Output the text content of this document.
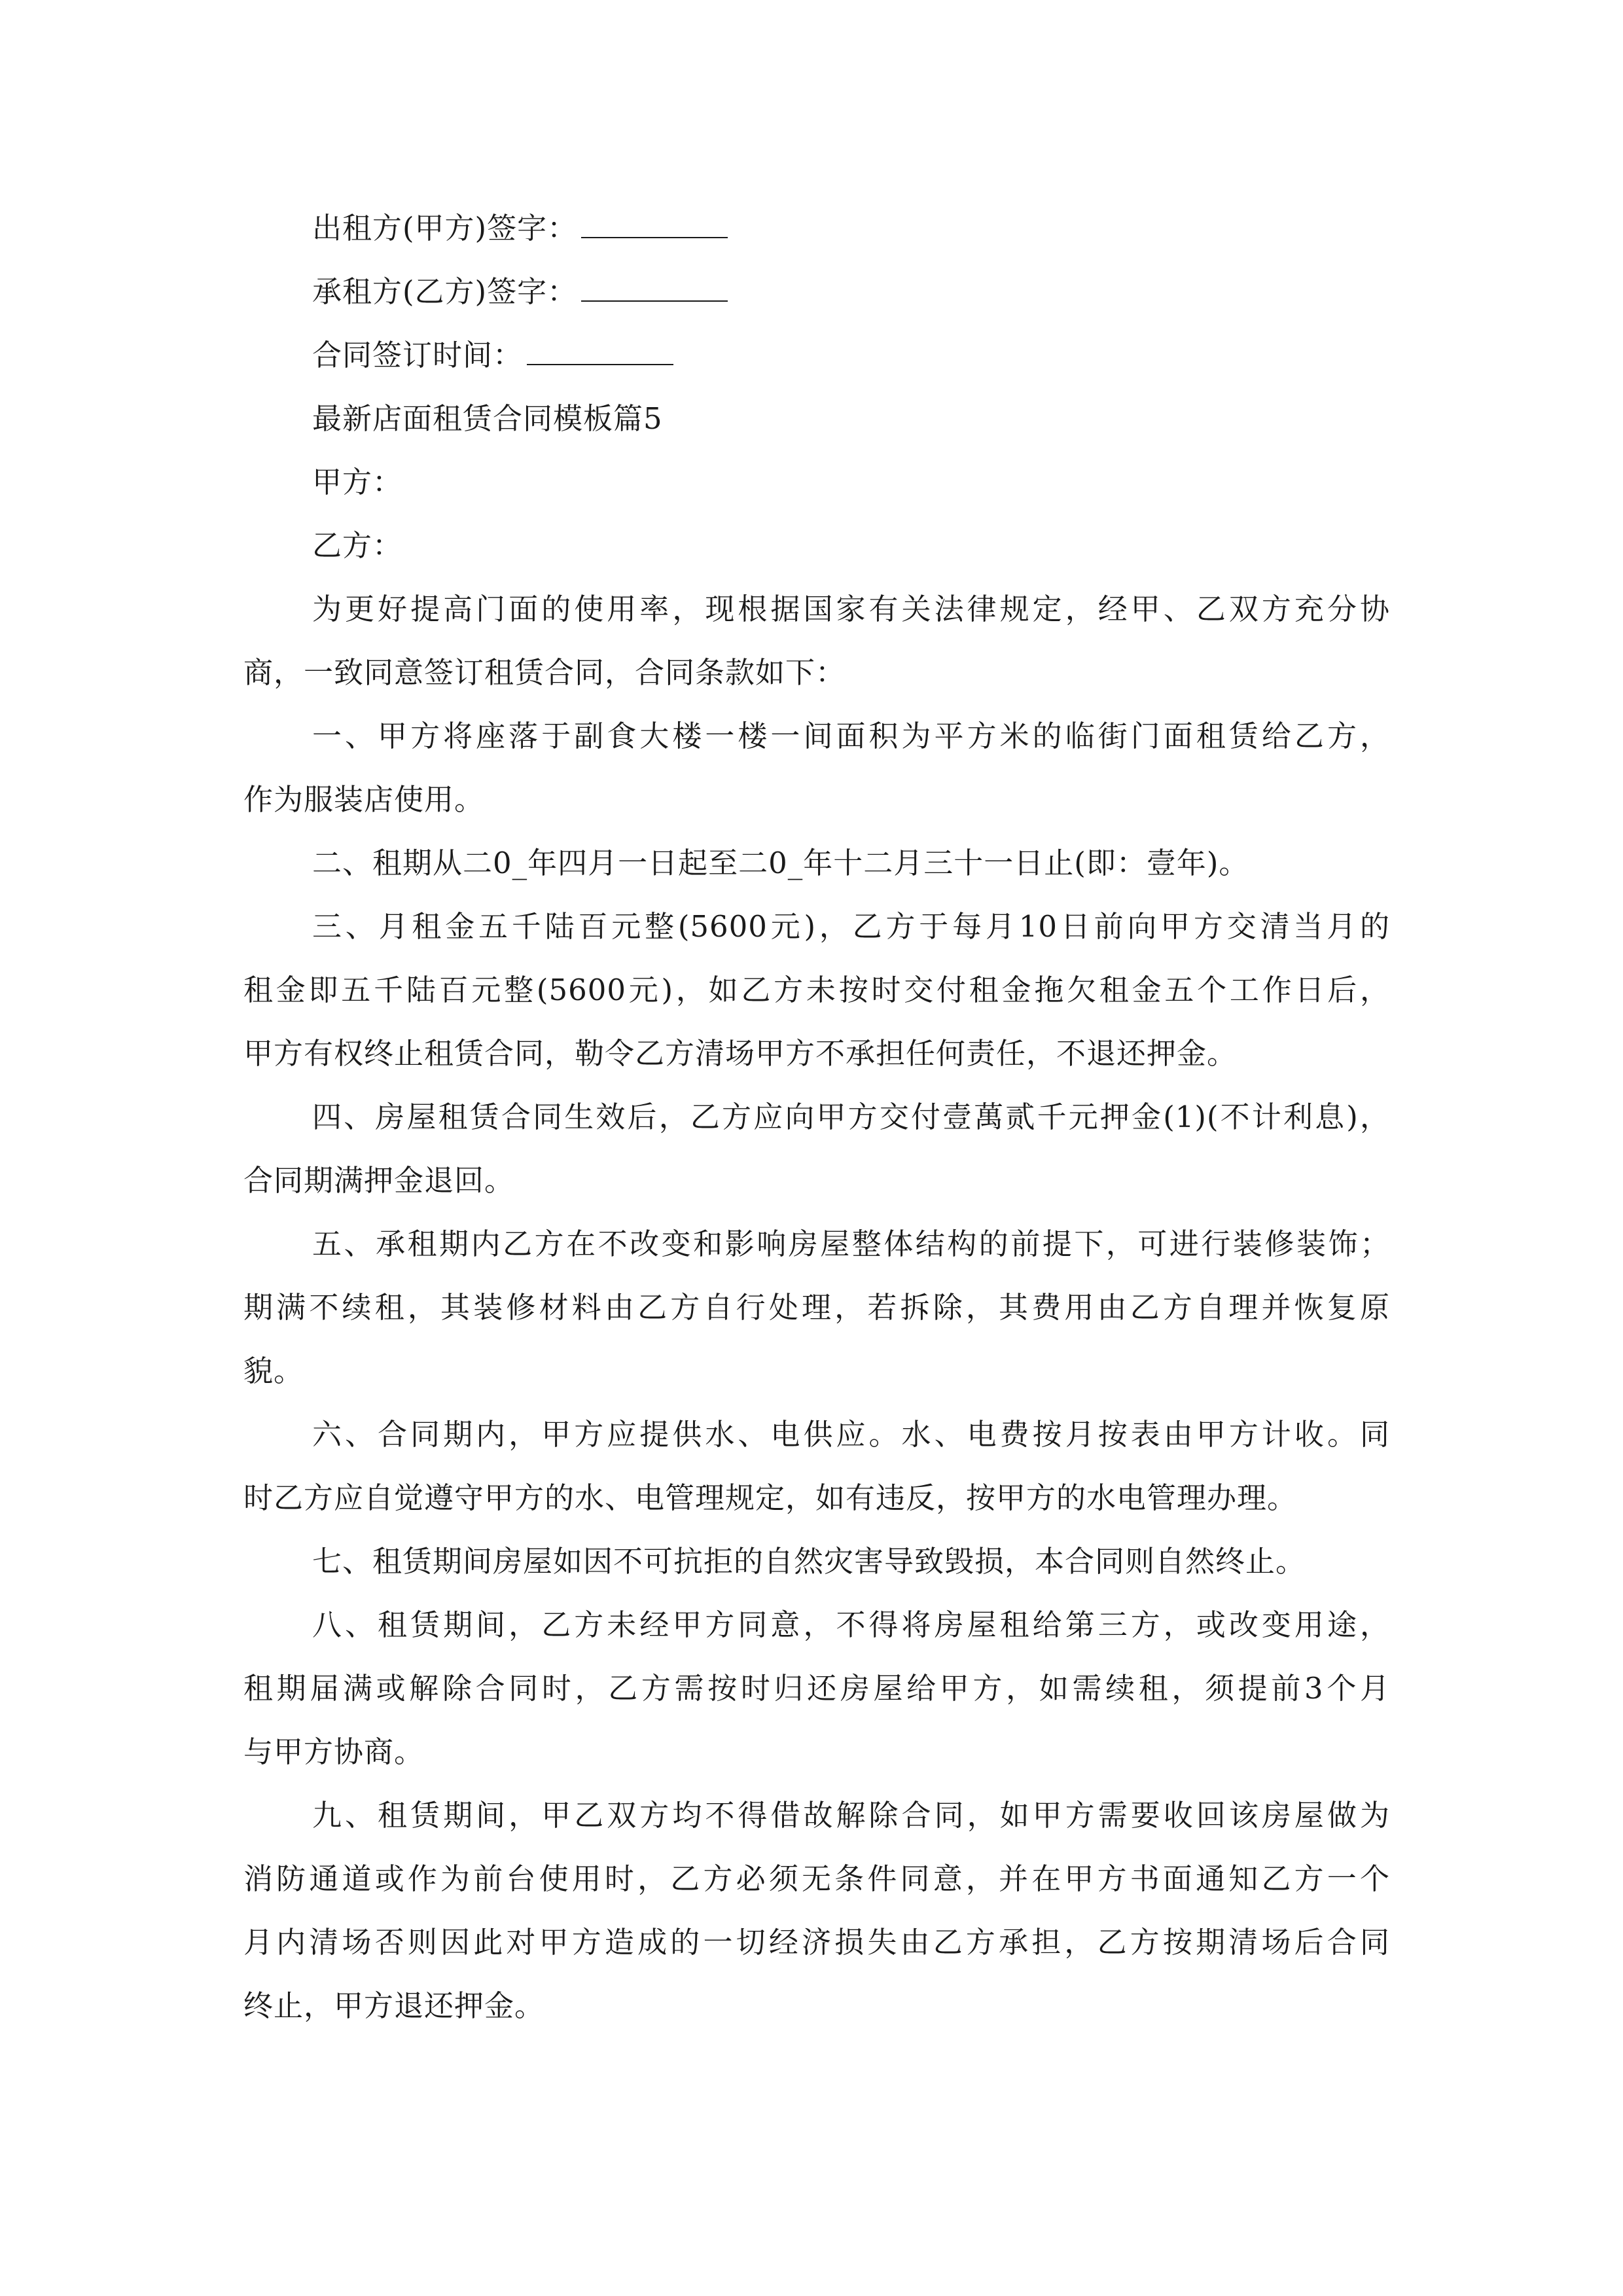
出租方(甲方)签字：
承租方(乙方)签字：
合同签订时间：
最新店面租赁合同模板篇5
甲方：
乙方：
为更好提高门面的使用率，现根据国家有关法律规定，经甲、乙双方充分协
商，一致同意签订租赁合同，合同条款如下：
一、甲方将座落于副食大楼一楼一间面积为平方米的临街门面租赁给乙方，
作为服装店使用。
二、租期从二0_年四月一日起至二0_年十二月三十一日止(即：壹年)。
三、月租金五千陆百元整(5600元)，乙方于每月10日前向甲方交清当月的
租金即五千陆百元整(5600元)，如乙方未按时交付租金拖欠租金五个工作日后，
甲方有权终止租赁合同，勒令乙方清场甲方不承担任何责任，不退还押金。
四、房屋租赁合同生效后，乙方应向甲方交付壹萬贰千元押金(1)(不计利息)，
合同期满押金退回。
五、承租期内乙方在不改变和影响房屋整体结构的前提下，可进行装修装饰；
期满不续租，其装修材料由乙方自行处理，若拆除，其费用由乙方自理并恢复原
貌。
六、合同期内，甲方应提供水、电供应。水、电费按月按表由甲方计收。同
时乙方应自觉遵守甲方的水、电管理规定，如有违反，按甲方的水电管理办理。
七、租赁期间房屋如因不可抗拒的自然灾害导致毁损，本合同则自然终止。
八、租赁期间，乙方未经甲方同意，不得将房屋租给第三方，或改变用途，
租期届满或解除合同时，乙方需按时归还房屋给甲方，如需续租，须提前3个月
与甲方协商。
九、租赁期间，甲乙双方均不得借故解除合同，如甲方需要收回该房屋做为
消防通道或作为前台使用时，乙方必须无条件同意，并在甲方书面通知乙方一个
月内清场否则因此对甲方造成的一切经济损失由乙方承担，乙方按期清场后合同
终止，甲方退还押金。
